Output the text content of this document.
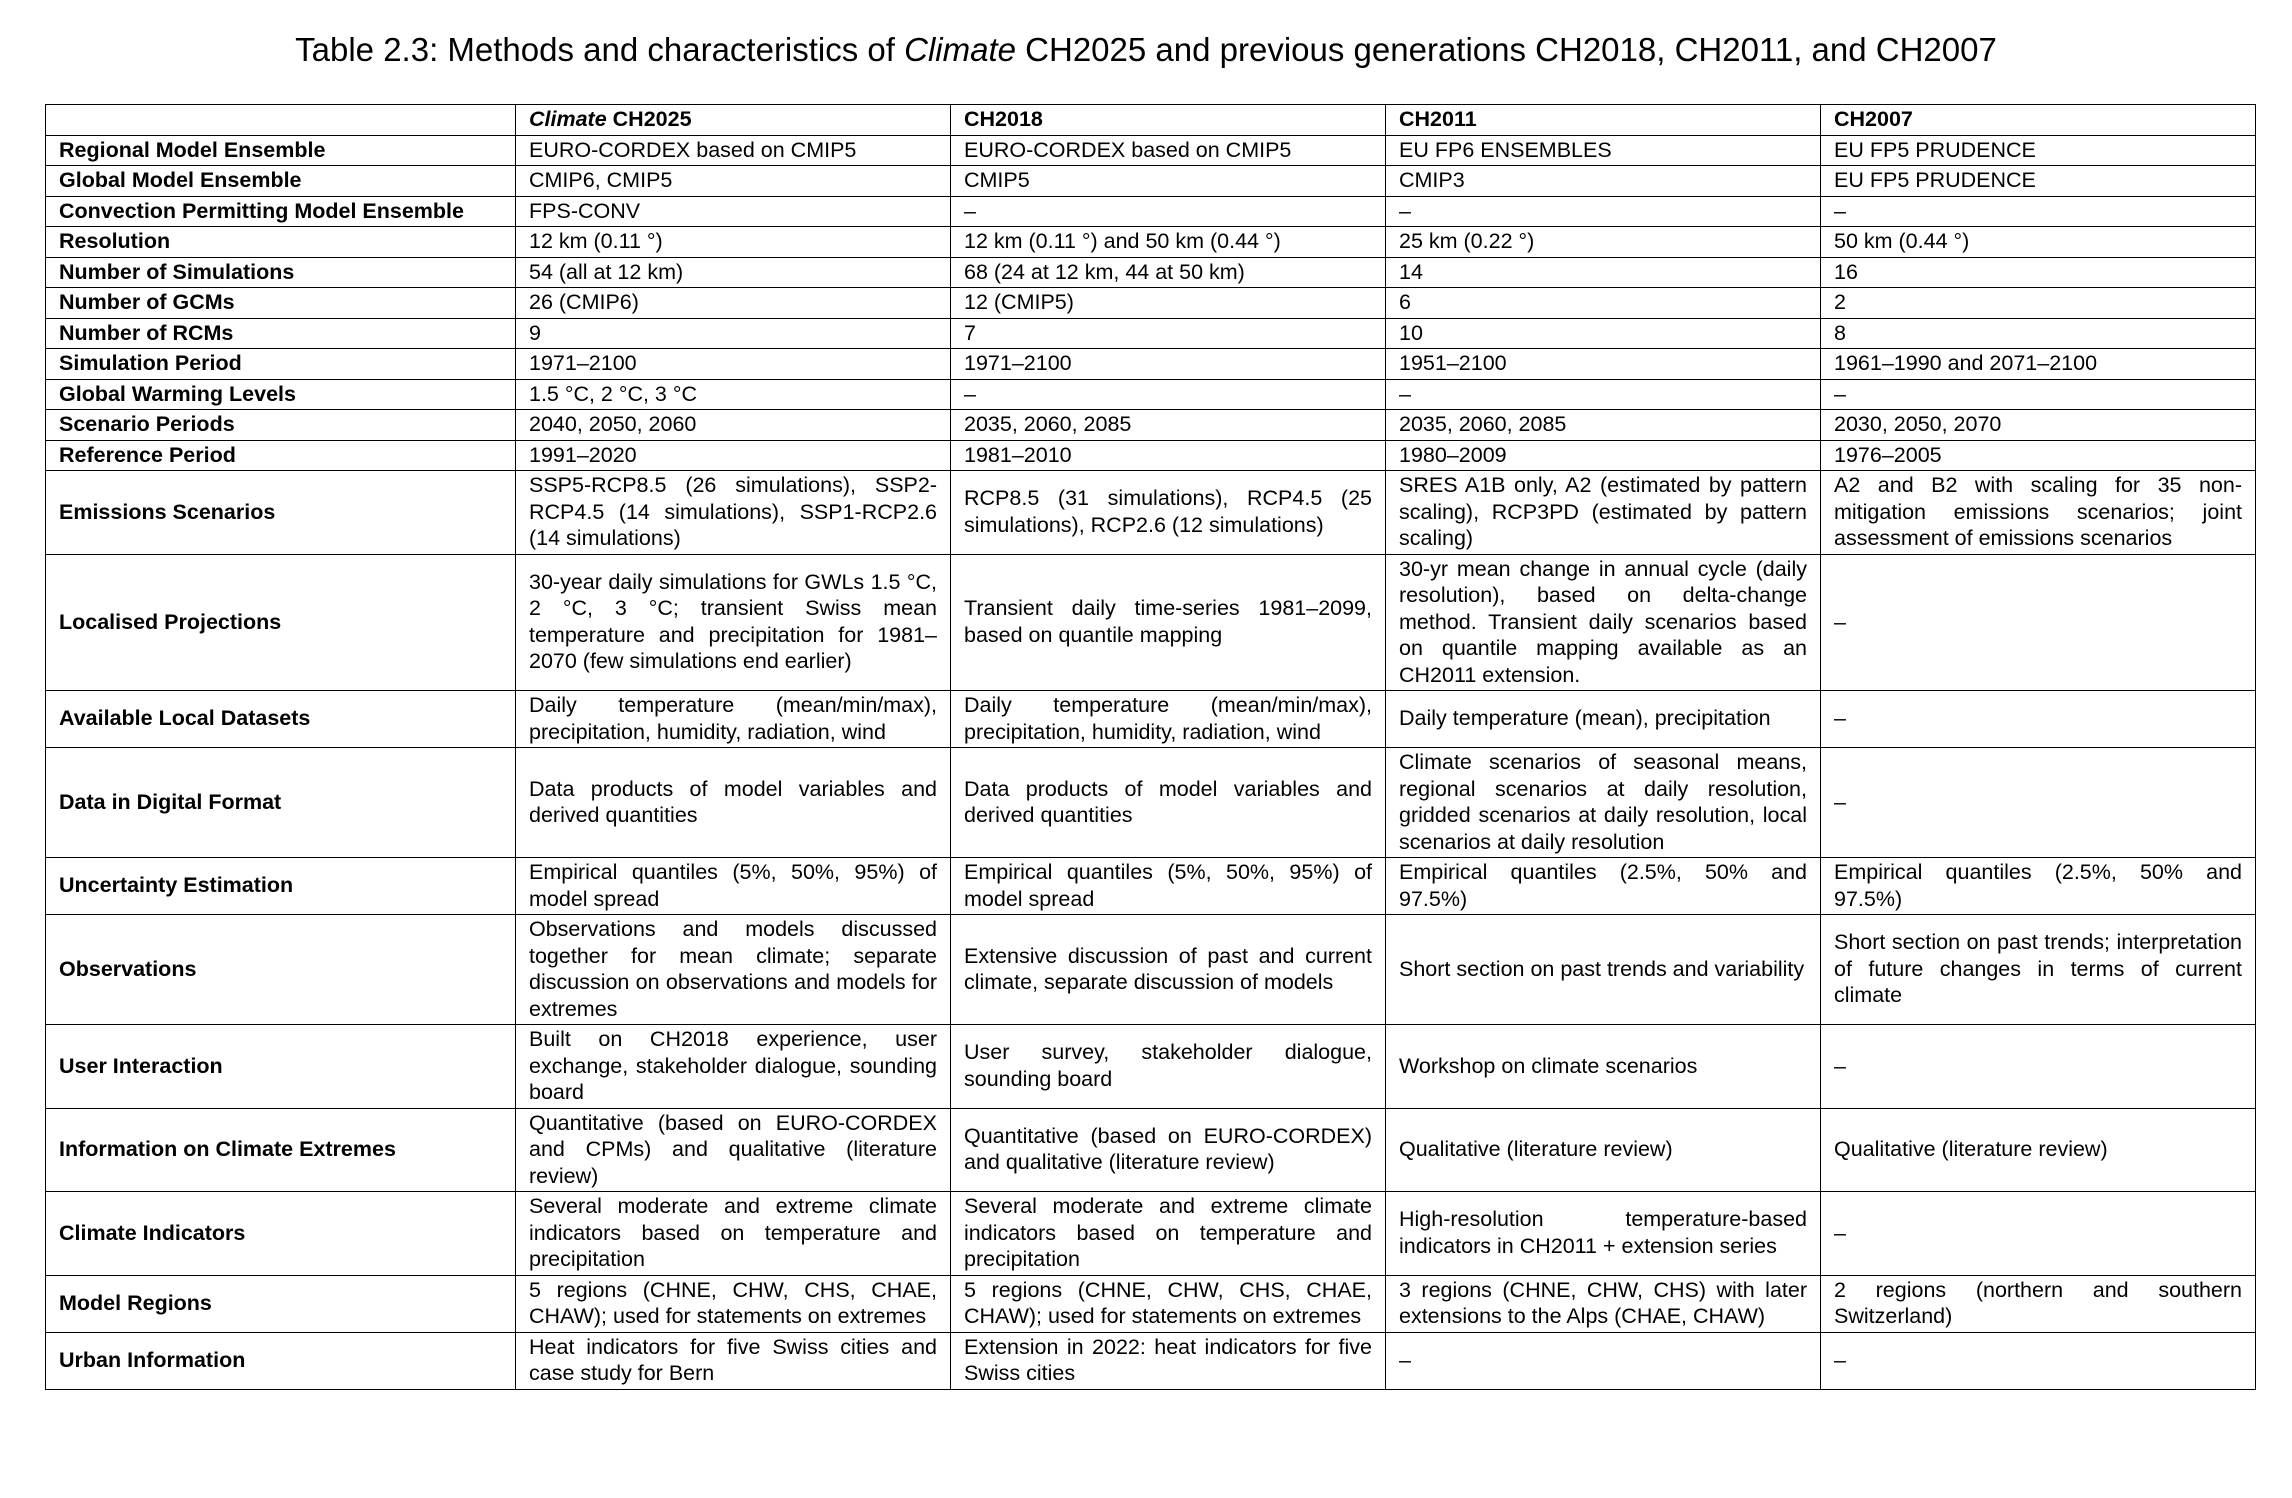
Table 2.3: Methods and characteristics of Climate CH2025 and previous generations CH2018, CH2011, and CH2007
	Climate CH2025	CH2018	CH2011	CH2007
Regional Model Ensemble	EURO-CORDEX based on CMIP5	EURO-CORDEX based on CMIP5	EU FP6 ENSEMBLES	EU FP5 PRUDENCE
Global Model Ensemble	CMIP6, CMIP5	CMIP5	CMIP3	EU FP5 PRUDENCE
Convection Permitting Model Ensemble	FPS-CONV	–	–	–
Resolution	12 km (0.11 °)	12 km (0.11 °) and 50 km (0.44 °)	25 km (0.22 °)	50 km (0.44 °)
Number of Simulations	54 (all at 12 km)	68 (24 at 12 km, 44 at 50 km)	14	16
Number of GCMs	26 (CMIP6)	12 (CMIP5)	6	2
Number of RCMs	9	7	10	8
Simulation Period	1971–2100	1971–2100	1951–2100	1961–1990 and 2071–2100
Global Warming Levels	1.5 °C, 2 °C, 3 °C	–	–	–
Scenario Periods	2040, 2050, 2060	2035, 2060, 2085	2035, 2060, 2085	2030, 2050, 2070
Reference Period	1991–2020	1981–2010	1980–2009	1976–2005
Emissions Scenarios	SSP5-RCP8.5 (26 simulations), SSP2-RCP4.5 (14 simulations), SSP1-RCP2.6 (14 simulations)	RCP8.5 (31 simulations), RCP4.5 (25 simulations), RCP2.6 (12 simulations)	SRES A1B only, A2 (estimated by pattern scaling), RCP3PD (estimated by pattern scaling)	A2 and B2 with scaling for 35 non-mitigation emissions scenarios; joint assessment of emissions scenarios
Localised Projections	30-year daily simulations for GWLs 1.5 °C, 2 °C, 3 °C; transient Swiss mean temperature and precipitation for 1981–2070 (few simulations end earlier)	Transient daily time-series 1981–2099, based on quantile mapping	30-yr mean change in annual cycle (daily resolution), based on delta-change method. Transient daily scenarios based on quantile mapping available as an CH2011 extension.	–
Available Local Datasets	Daily temperature (mean/min/max), precipitation, humidity, radiation, wind	Daily temperature (mean/min/max), precipitation, humidity, radiation, wind	Daily temperature (mean), precipitation	–
Data in Digital Format	Data products of model variables and derived quantities	Data products of model variables and derived quantities	Climate scenarios of seasonal means, regional scenarios at daily resolution, gridded scenarios at daily resolution, local scenarios at daily resolution	–
Uncertainty Estimation	Empirical quantiles (5%, 50%, 95%) of model spread	Empirical quantiles (5%, 50%, 95%) of model spread	Empirical quantiles (2.5%, 50% and 97.5%)	Empirical quantiles (2.5%, 50% and 97.5%)
Observations	Observations and models discussed together for mean climate; separate discussion on observations and models for extremes	Extensive discussion of past and current climate, separate discussion of models	Short section on past trends and variability	Short section on past trends; interpretation of future changes in terms of current climate
User Interaction	Built on CH2018 experience, user exchange, stakeholder dialogue, sounding board	User survey, stakeholder dialogue, sounding board	Workshop on climate scenarios	–
Information on Climate Extremes	Quantitative (based on EURO-CORDEX and CPMs) and qualitative (literature review)	Quantitative (based on EURO-CORDEX) and qualitative (literature review)	Qualitative (literature review)	Qualitative (literature review)
Climate Indicators	Several moderate and extreme climate indicators based on temperature and precipitation	Several moderate and extreme climate indicators based on temperature and precipitation	High-resolution temperature-based indicators in CH2011 + extension series	–
Model Regions	5 regions (CHNE, CHW, CHS, CHAE, CHAW); used for statements on extremes	5 regions (CHNE, CHW, CHS, CHAE, CHAW); used for statements on extremes	3 regions (CHNE, CHW, CHS) with later extensions to the Alps (CHAE, CHAW)	2 regions (northern and southern Switzerland)
Urban Information	Heat indicators for five Swiss cities and case study for Bern	Extension in 2022: heat indicators for five Swiss cities	–	–
